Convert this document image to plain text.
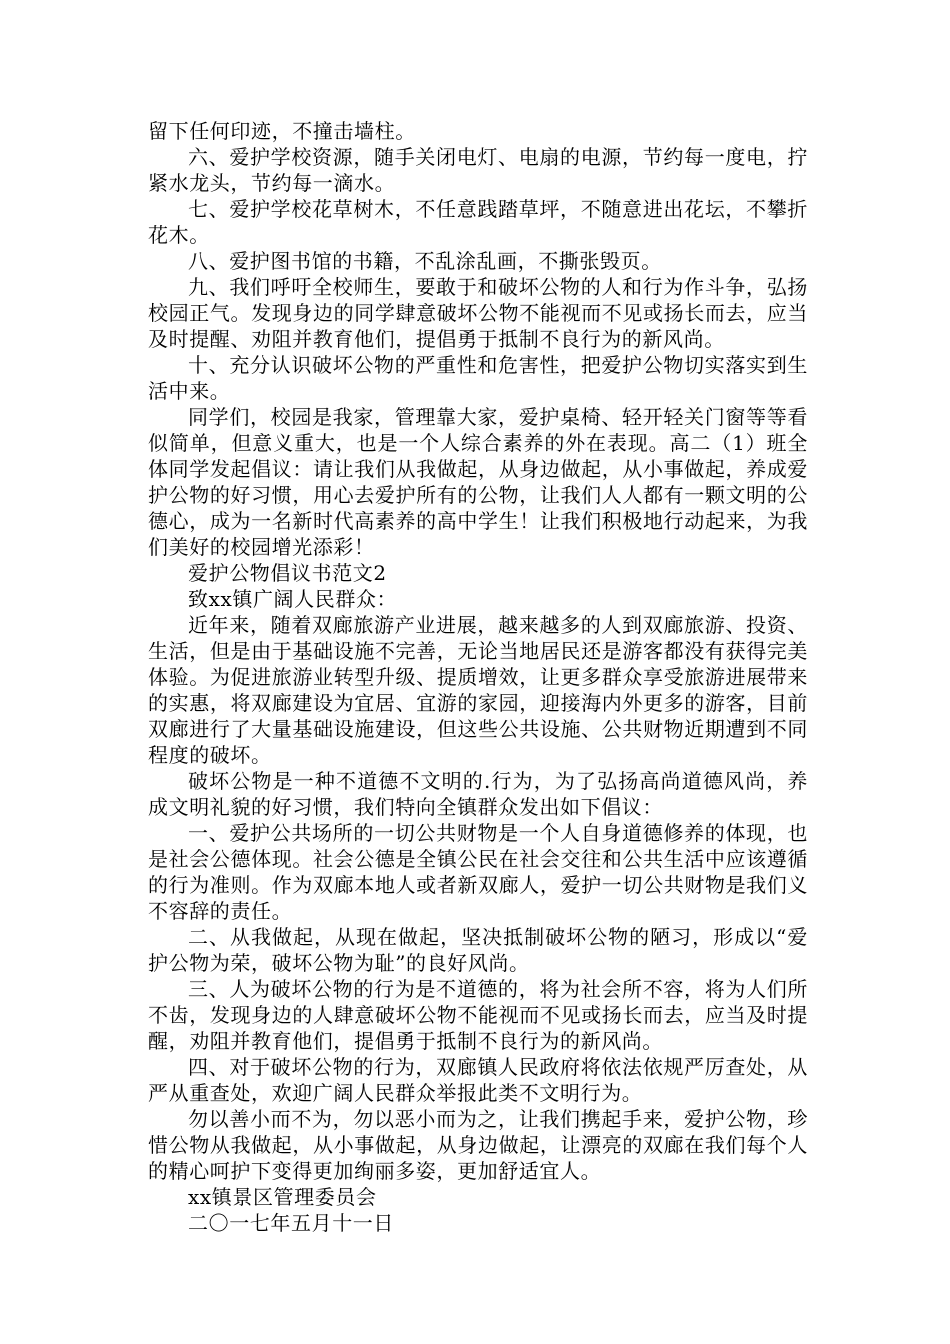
留下任何印迹，不撞击墙柱。

六、爱护学校资源，随手关闭电灯、电扇的电源，节约每一度电，拧紧水龙头，节约每一滴水。

七、爱护学校花草树木，不任意践踏草坪，不随意进出花坛，不攀折花木。

八、爱护图书馆的书籍，不乱涂乱画，不撕张毁页。

九、我们呼吁全校师生，要敢于和破坏公物的人和行为作斗争，弘扬校园正气。发现身边的同学肆意破坏公物不能视而不见或扬长而去，应当及时提醒、劝阻并教育他们，提倡勇于抵制不良行为的新风尚。

十、充分认识破坏公物的严重性和危害性，把爱护公物切实落实到生活中来。

同学们，校园是我家，管理靠大家，爱护桌椅、轻开轻关门窗等等看似简单，但意义重大，也是一个人综合素养的外在表现。高二（1）班全体同学发起倡议：请让我们从我做起，从身边做起，从小事做起，养成爱护公物的好习惯，用心去爱护所有的公物，让我们人人都有一颗文明的公德心，成为一名新时代高素养的高中学生！让我们积极地行动起来，为我们美好的校园增光添彩！

爱护公物倡议书范文2

致xx镇广阔人民群众：

近年来，随着双廊旅游产业进展，越来越多的人到双廊旅游、投资、生活，但是由于基础设施不完善，无论当地居民还是游客都没有获得完美体验。为促进旅游业转型升级、提质增效，让更多群众享受旅游进展带来的实惠，将双廊建设为宜居、宜游的家园，迎接海内外更多的游客，目前双廊进行了大量基础设施建设，但这些公共设施、公共财物近期遭到不同程度的破坏。

破坏公物是一种不道德不文明的.行为，为了弘扬高尚道德风尚，养成文明礼貌的好习惯，我们特向全镇群众发出如下倡议：

一、爱护公共场所的一切公共财物是一个人自身道德修养的体现，也是社会公德体现。社会公德是全镇公民在社会交往和公共生活中应该遵循的行为准则。作为双廊本地人或者新双廊人，爱护一切公共财物是我们义不容辞的责任。

二、从我做起，从现在做起，坚决抵制破坏公物的陋习，形成以“爱护公物为荣，破坏公物为耻”的良好风尚。

三、人为破坏公物的行为是不道德的，将为社会所不容，将为人们所不齿，发现身边的人肆意破坏公物不能视而不见或扬长而去，应当及时提醒，劝阻并教育他们，提倡勇于抵制不良行为的新风尚。

四、对于破坏公物的行为，双廊镇人民政府将依法依规严厉查处，从严从重查处，欢迎广阔人民群众举报此类不文明行为。

勿以善小而不为，勿以恶小而为之，让我们携起手来，爱护公物，珍惜公物从我做起，从小事做起，从身边做起，让漂亮的双廊在我们每个人的精心呵护下变得更加绚丽多姿，更加舒适宜人。

xx镇景区管理委员会

二〇一七年五月十一日
